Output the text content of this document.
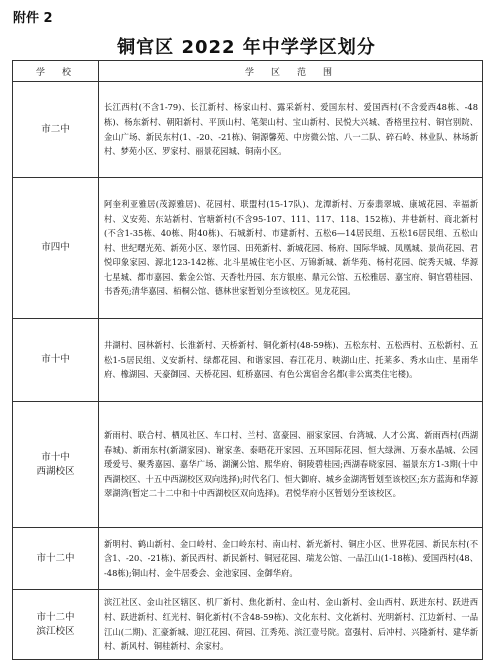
附件 2
铜官区 2022 年中学学区划分
学　校	学　区　范　围

市二中	长江西村(不含1-79)、长江新村、杨家山村、露采新村、爱国东村、爱国西村(不含爱西48栋、-48栋)、杨东新村、朝阳新村、平顶山村、笔架山村、宝山新村、民悦大兴城、香格里拉村、铜官别院、金山广场、新民东村(1、-20、-21栋)、铜源馨苑、中房微公馆、八一二队、碎石岭、林业队、林场新村、梦苑小区、罗家村、丽景花园城、铜南小区。

市四中	阿奎利亚雅居(茂源雅居)、花园村、联盟村(15-17队)、龙潭新村、万泰翡翠城、康城花园、幸福新村、义安苑、东站新村、官塘新村(不含95-107、111、117、118、152栋)、井巷新村、商北新村(不含1-35栋、40栋、附40栋)、石城新村、市建新村、五松6—14居民组、五松16居民组、五松山村、世纪曙光苑、新苑小区、翠竹园、田苑新村、新城花园、杨府、国际华城、凤凰城、景尚花园、君悦印象家园、源北123-142栋、北斗星城住宅小区、万锦新城、新华苑、杨村花园、皖秀天城、华源七星城、都市嘉园、紫金公馆、天香牡丹园、东方银座、鼎元公馆、五松雅居、嘉宝府、铜官碧桂园、书香苑;清华嘉园、栢桐公馆、德林世家暂划分至该校区。见龙花园。

市十中	井湖村、园林新村、长淮新村、天桥新村、铜化新村(48-59栋)、五松东村、五松西村、五松新村、五松1-5居民组、义安新村、绿都花园、和谐家园、春江花月、映湖山庄、托莱多、秀水山庄、星雨华府、橡湖园、天豪御园、天桥花园、虹桥嘉园、有色公寓宿舍名都(非公寓类住宅楼)。

市十中
西湖校区	新雨村、联合村、栖凤社区、车口村、兰村、富豪园、丽家家园、台湾城、人才公寓、新雨西村(西湖春城)、新雨东村(新湖家园)、谢家垄、泰晤花开家园、五环国际花园、恒大绿洲、万泰水晶城、公园瑷爱号、聚秀嘉园、嘉华广场、湖澜公馆、熙华府、铜陵碧桂园;西湖春晓家园、福景东方1-3期(十中西湖校区、十五中西湖校区双向选择);时代名门、恒大御府、城乡金湖湾暂划至该校区;东方蓝海和华源翠湖湾(暂定二十二中和十中西湖校区双向选择)。君悦华府小区暂划分至该校区。

市十二中	新明村、鹤山新村、金口岭村、金口岭东村、南山村、新光新村、铜庄小区、世界花园、新民东村(不含1、-20、-21栋)、新民西村、新民新村、铜冠花园、瑞龙公馆、一品江山(1-18栋)、爱国西村(48、-48栋);铜山村、金牛居委会、金池家园、金御华府。

市十二中
滨江校区	滨江社区、金山社区辖区、机厂新村、焦化新村、金山村、金山新村、金山西村、跃进东村、跃进西村、跃进新村、红光村、铜化新村(不含48-59栋)、文化东村、文化新村、光明新村、江边新村、一品江山(二期)、汇豪新城、迎江花园、荷园、江秀苑、滨江壹号院。富强村、后冲村、兴隆新村、建华新村、新风村、铜桂新村、余家村。
